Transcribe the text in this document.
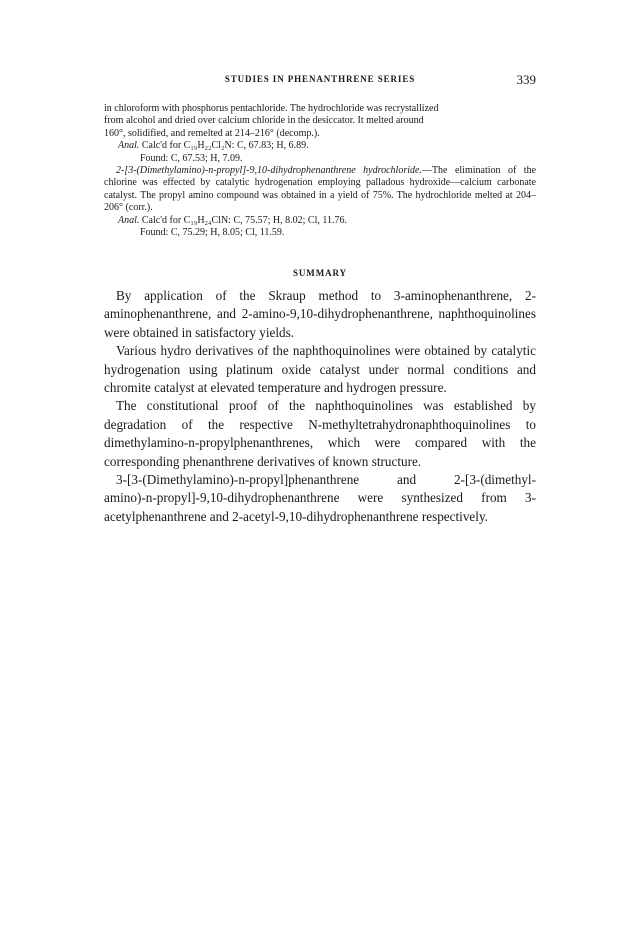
STUDIES IN PHENANTHRENE SERIES	339

in chloroform with phosphorus pentachloride. The hydrochloride was recrystallized

from alcohol and dried over calcium chloride in the desiccator. It melted around

160°, solidified, and remelted at 214–216° (decomp.).

Anal. Calc'd for C₁₉H₂₂Cl₂N: C, 67.83; H, 6.89.

Found: C, 67.53; H, 7.09.

2-[3-(Dimethylamino)-n-propyl]-9,10-dihydrophenanthrene hydrochloride.—The elimination of the chlorine was effected by catalytic hydrogenation employing palladous hydroxide—calcium carbonate catalyst. The propyl amino compound was obtained in a yield of 75%. The hydrochloride melted at 204–206° (corr.).

Anal. Calc'd for C₁₉H₂₄ClN: C, 75.57; H, 8.02; Cl, 11.76.

Found: C, 75.29; H, 8.05; Cl, 11.59.

SUMMARY

By application of the Skraup method to 3-aminophenanthrene, 2-aminophenanthrene, and 2-amino-9,10-dihydrophenanthrene, naphthoquinolines were obtained in satisfactory yields.

Various hydro derivatives of the naphthoquinolines were obtained by catalytic hydrogenation using platinum oxide catalyst under normal conditions and chromite catalyst at elevated temperature and hydrogen pressure.

The constitutional proof of the naphthoquinolines was established by degradation of the respective N-methyltetrahydronaphthoquinolines to dimethylamino-n-propylphenanthrenes, which were compared with the corresponding phenanthrene derivatives of known structure.

3-[3-(Dimethylamino)-n-propyl]phenanthrene	and	2-[3-(dimethyl-
amino)-n-propyl]-9,10-dihydrophenanthrene were synthesized from 3-acetylphenanthrene and 2-acetyl-9,10-dihydrophenanthrene respectively.
